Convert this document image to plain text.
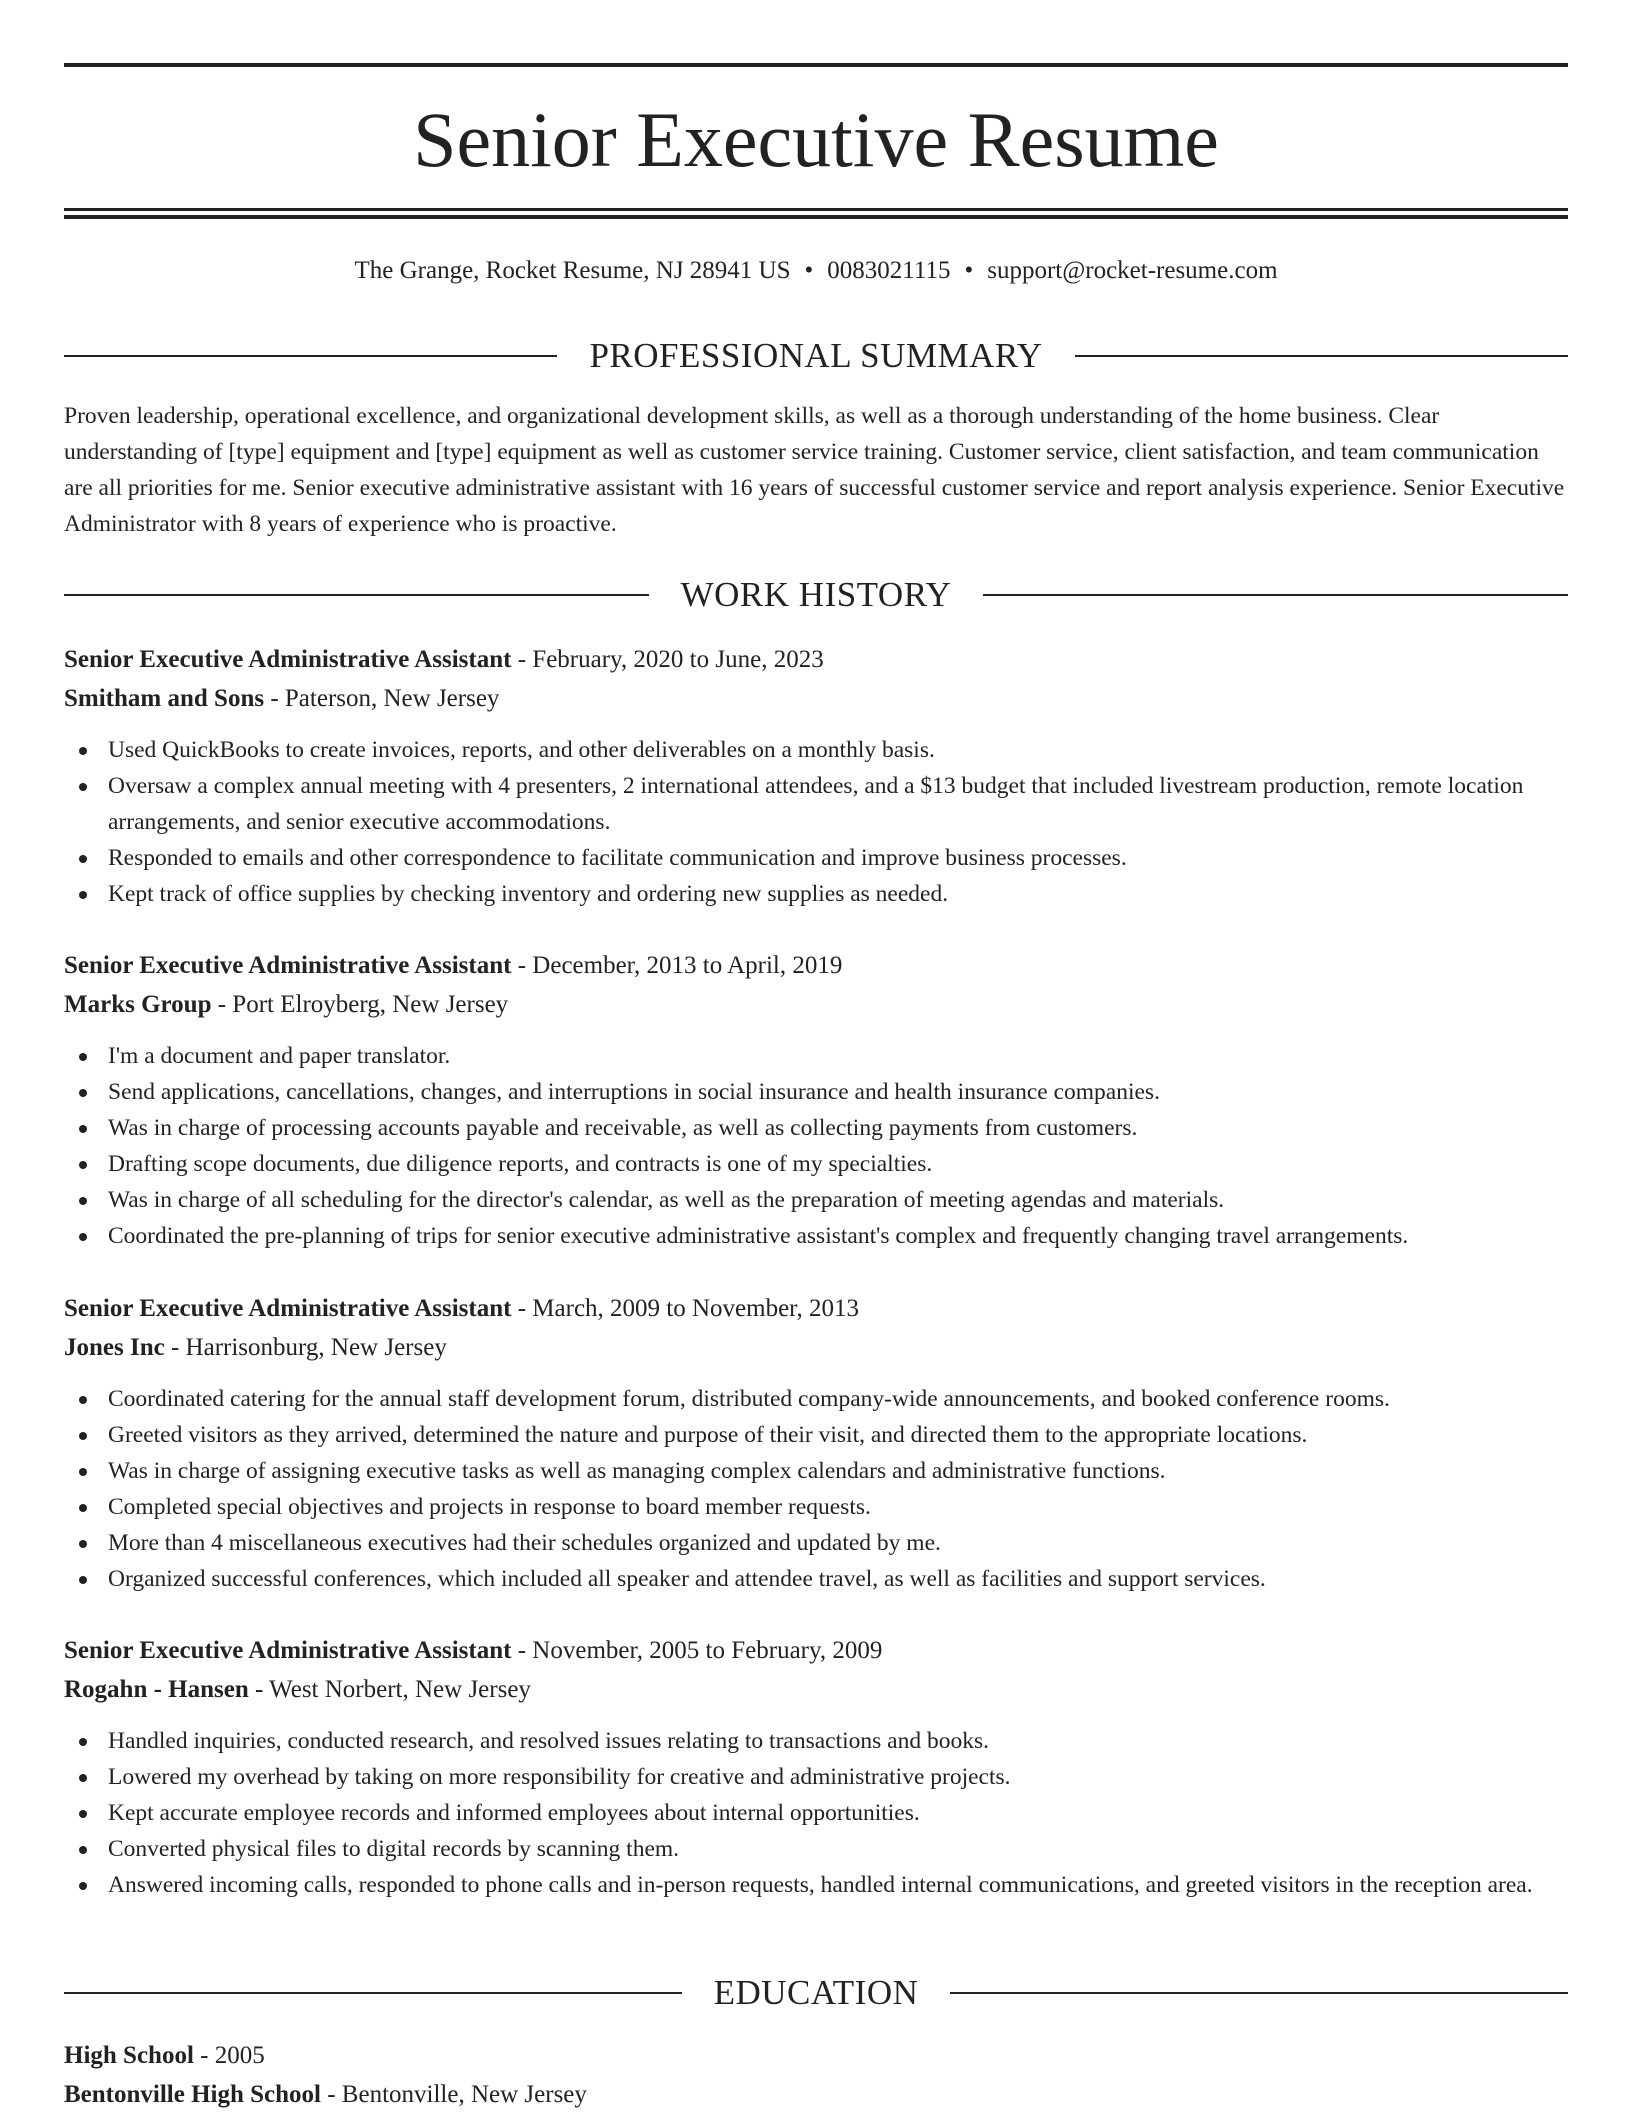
Senior Executive Resume
The Grange, Rocket Resume, NJ 28941 US • 0083021115 • support@rocket-resume.com
PROFESSIONAL SUMMARY

Proven leadership, operational excellence, and organizational development skills, as well as a thorough understanding of the home business. Clear understanding of [type] equipment and [type] equipment as well as customer service training. Customer service, client satisfaction, and team communication are all priorities for me. Senior executive administrative assistant with 16 years of successful customer service and report analysis experience. Senior Executive Administrator with 8 years of experience who is proactive.

WORK HISTORY
Senior Executive Administrative Assistant - February, 2020 to June, 2023
Smitham and Sons - Paterson, New Jersey
Used QuickBooks to create invoices, reports, and other deliverables on a monthly basis.
Oversaw a complex annual meeting with 4 presenters, 2 international attendees, and a $13 budget that included livestream production, remote location arrangements, and senior executive accommodations.
Responded to emails and other correspondence to facilitate communication and improve business processes.
Kept track of office supplies by checking inventory and ordering new supplies as needed.
Senior Executive Administrative Assistant - December, 2013 to April, 2019
Marks Group - Port Elroyberg, New Jersey
I'm a document and paper translator.
Send applications, cancellations, changes, and interruptions in social insurance and health insurance companies.
Was in charge of processing accounts payable and receivable, as well as collecting payments from customers.
Drafting scope documents, due diligence reports, and contracts is one of my specialties.
Was in charge of all scheduling for the director's calendar, as well as the preparation of meeting agendas and materials.
Coordinated the pre-planning of trips for senior executive administrative assistant's complex and frequently changing travel arrangements.
Senior Executive Administrative Assistant - March, 2009 to November, 2013
Jones Inc - Harrisonburg, New Jersey
Coordinated catering for the annual staff development forum, distributed company-wide announcements, and booked conference rooms.
Greeted visitors as they arrived, determined the nature and purpose of their visit, and directed them to the appropriate locations.
Was in charge of assigning executive tasks as well as managing complex calendars and administrative functions.
Completed special objectives and projects in response to board member requests.
More than 4 miscellaneous executives had their schedules organized and updated by me.
Organized successful conferences, which included all speaker and attendee travel, as well as facilities and support services.
Senior Executive Administrative Assistant - November, 2005 to February, 2009
Rogahn - Hansen - West Norbert, New Jersey
Handled inquiries, conducted research, and resolved issues relating to transactions and books.
Lowered my overhead by taking on more responsibility for creative and administrative projects.
Kept accurate employee records and informed employees about internal opportunities.
Converted physical files to digital records by scanning them.
Answered incoming calls, responded to phone calls and in-person requests, handled internal communications, and greeted visitors in the reception area.
EDUCATION
High School - 2005
Bentonville High School - Bentonville, New Jersey
